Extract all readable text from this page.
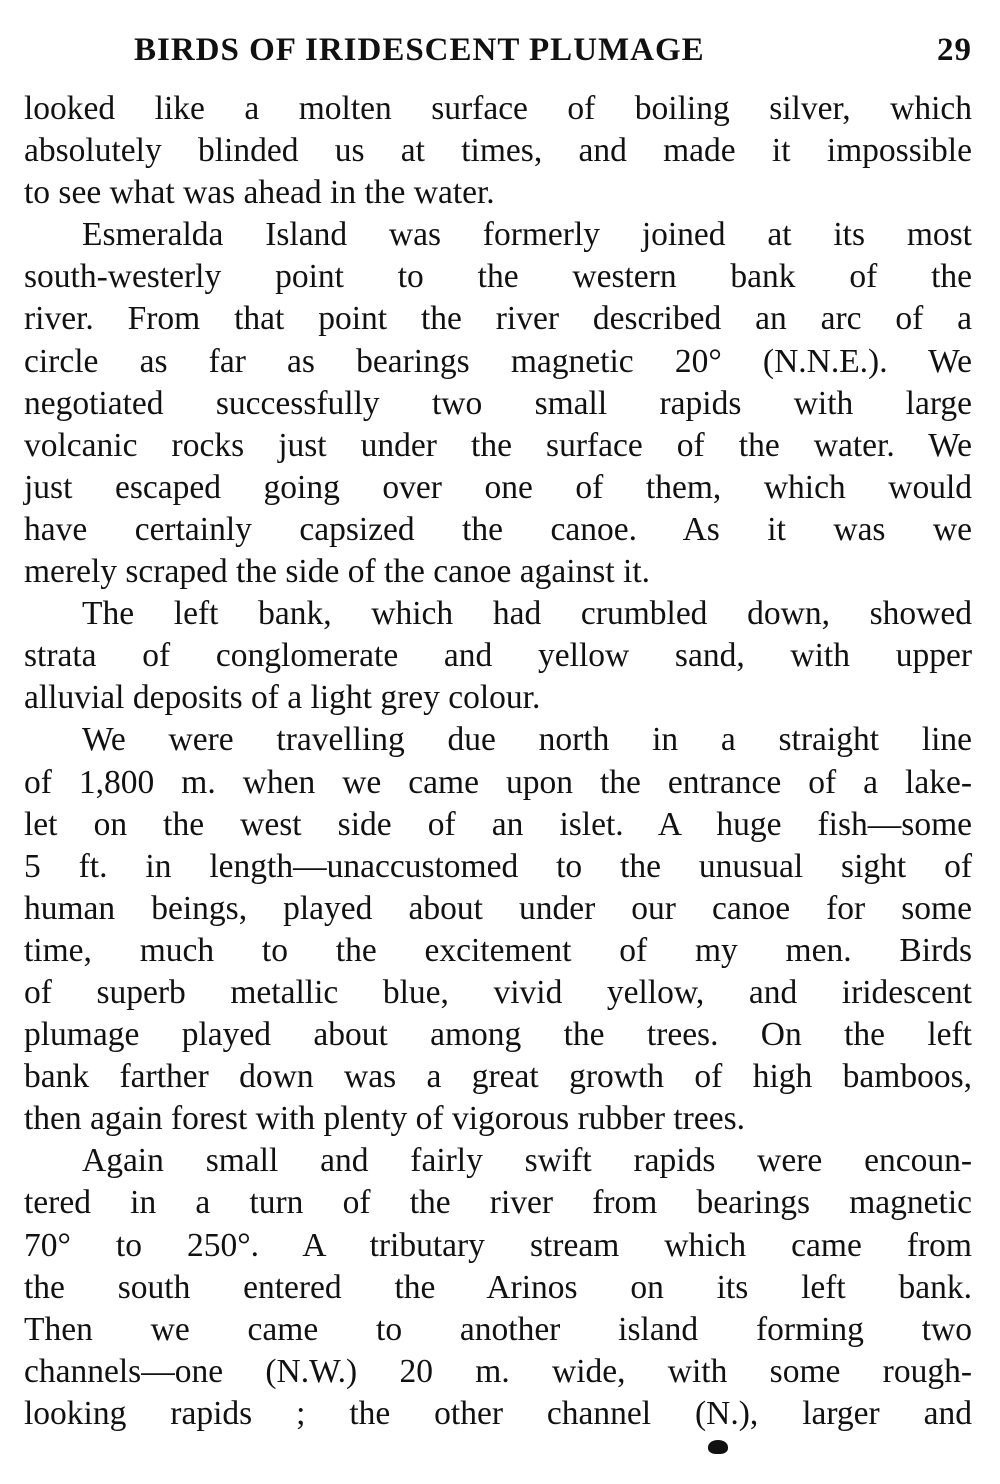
BIRDS OF IRIDESCENT PLUMAGE	29
looked like a molten surface of boiling silver, which
absolutely blinded us at times, and made it impossible
to see what was ahead in the water.
Esmeralda Island was formerly joined at its most
south-westerly point to the western bank of the
river. From that point the river described an arc of a
circle as far as bearings magnetic 20° (N.N.E.). We
negotiated successfully two small rapids with large
volcanic rocks just under the surface of the water. We
just escaped going over one of them, which would
have certainly capsized the canoe. As it was we
merely scraped the side of the canoe against it.
The left bank, which had crumbled down, showed
strata of conglomerate and yellow sand, with upper
alluvial deposits of a light grey colour.
We were travelling due north in a straight line
of 1,800 m. when we came upon the entrance of a lake-
let on the west side of an islet. A huge fish—some
5 ft. in length—unaccustomed to the unusual sight of
human beings, played about under our canoe for some
time, much to the excitement of my men. Birds
of superb metallic blue, vivid yellow, and iridescent
plumage played about among the trees. On the left
bank farther down was a great growth of high bamboos,
then again forest with plenty of vigorous rubber trees.
Again small and fairly swift rapids were encoun-
tered in a turn of the river from bearings magnetic
70° to 250°. A tributary stream which came from
the south entered the Arinos on its left bank.
Then we came to another island forming two
channels—one (N.W.) 20 m. wide, with some rough-
looking rapids ; the other channel (N.), larger and
